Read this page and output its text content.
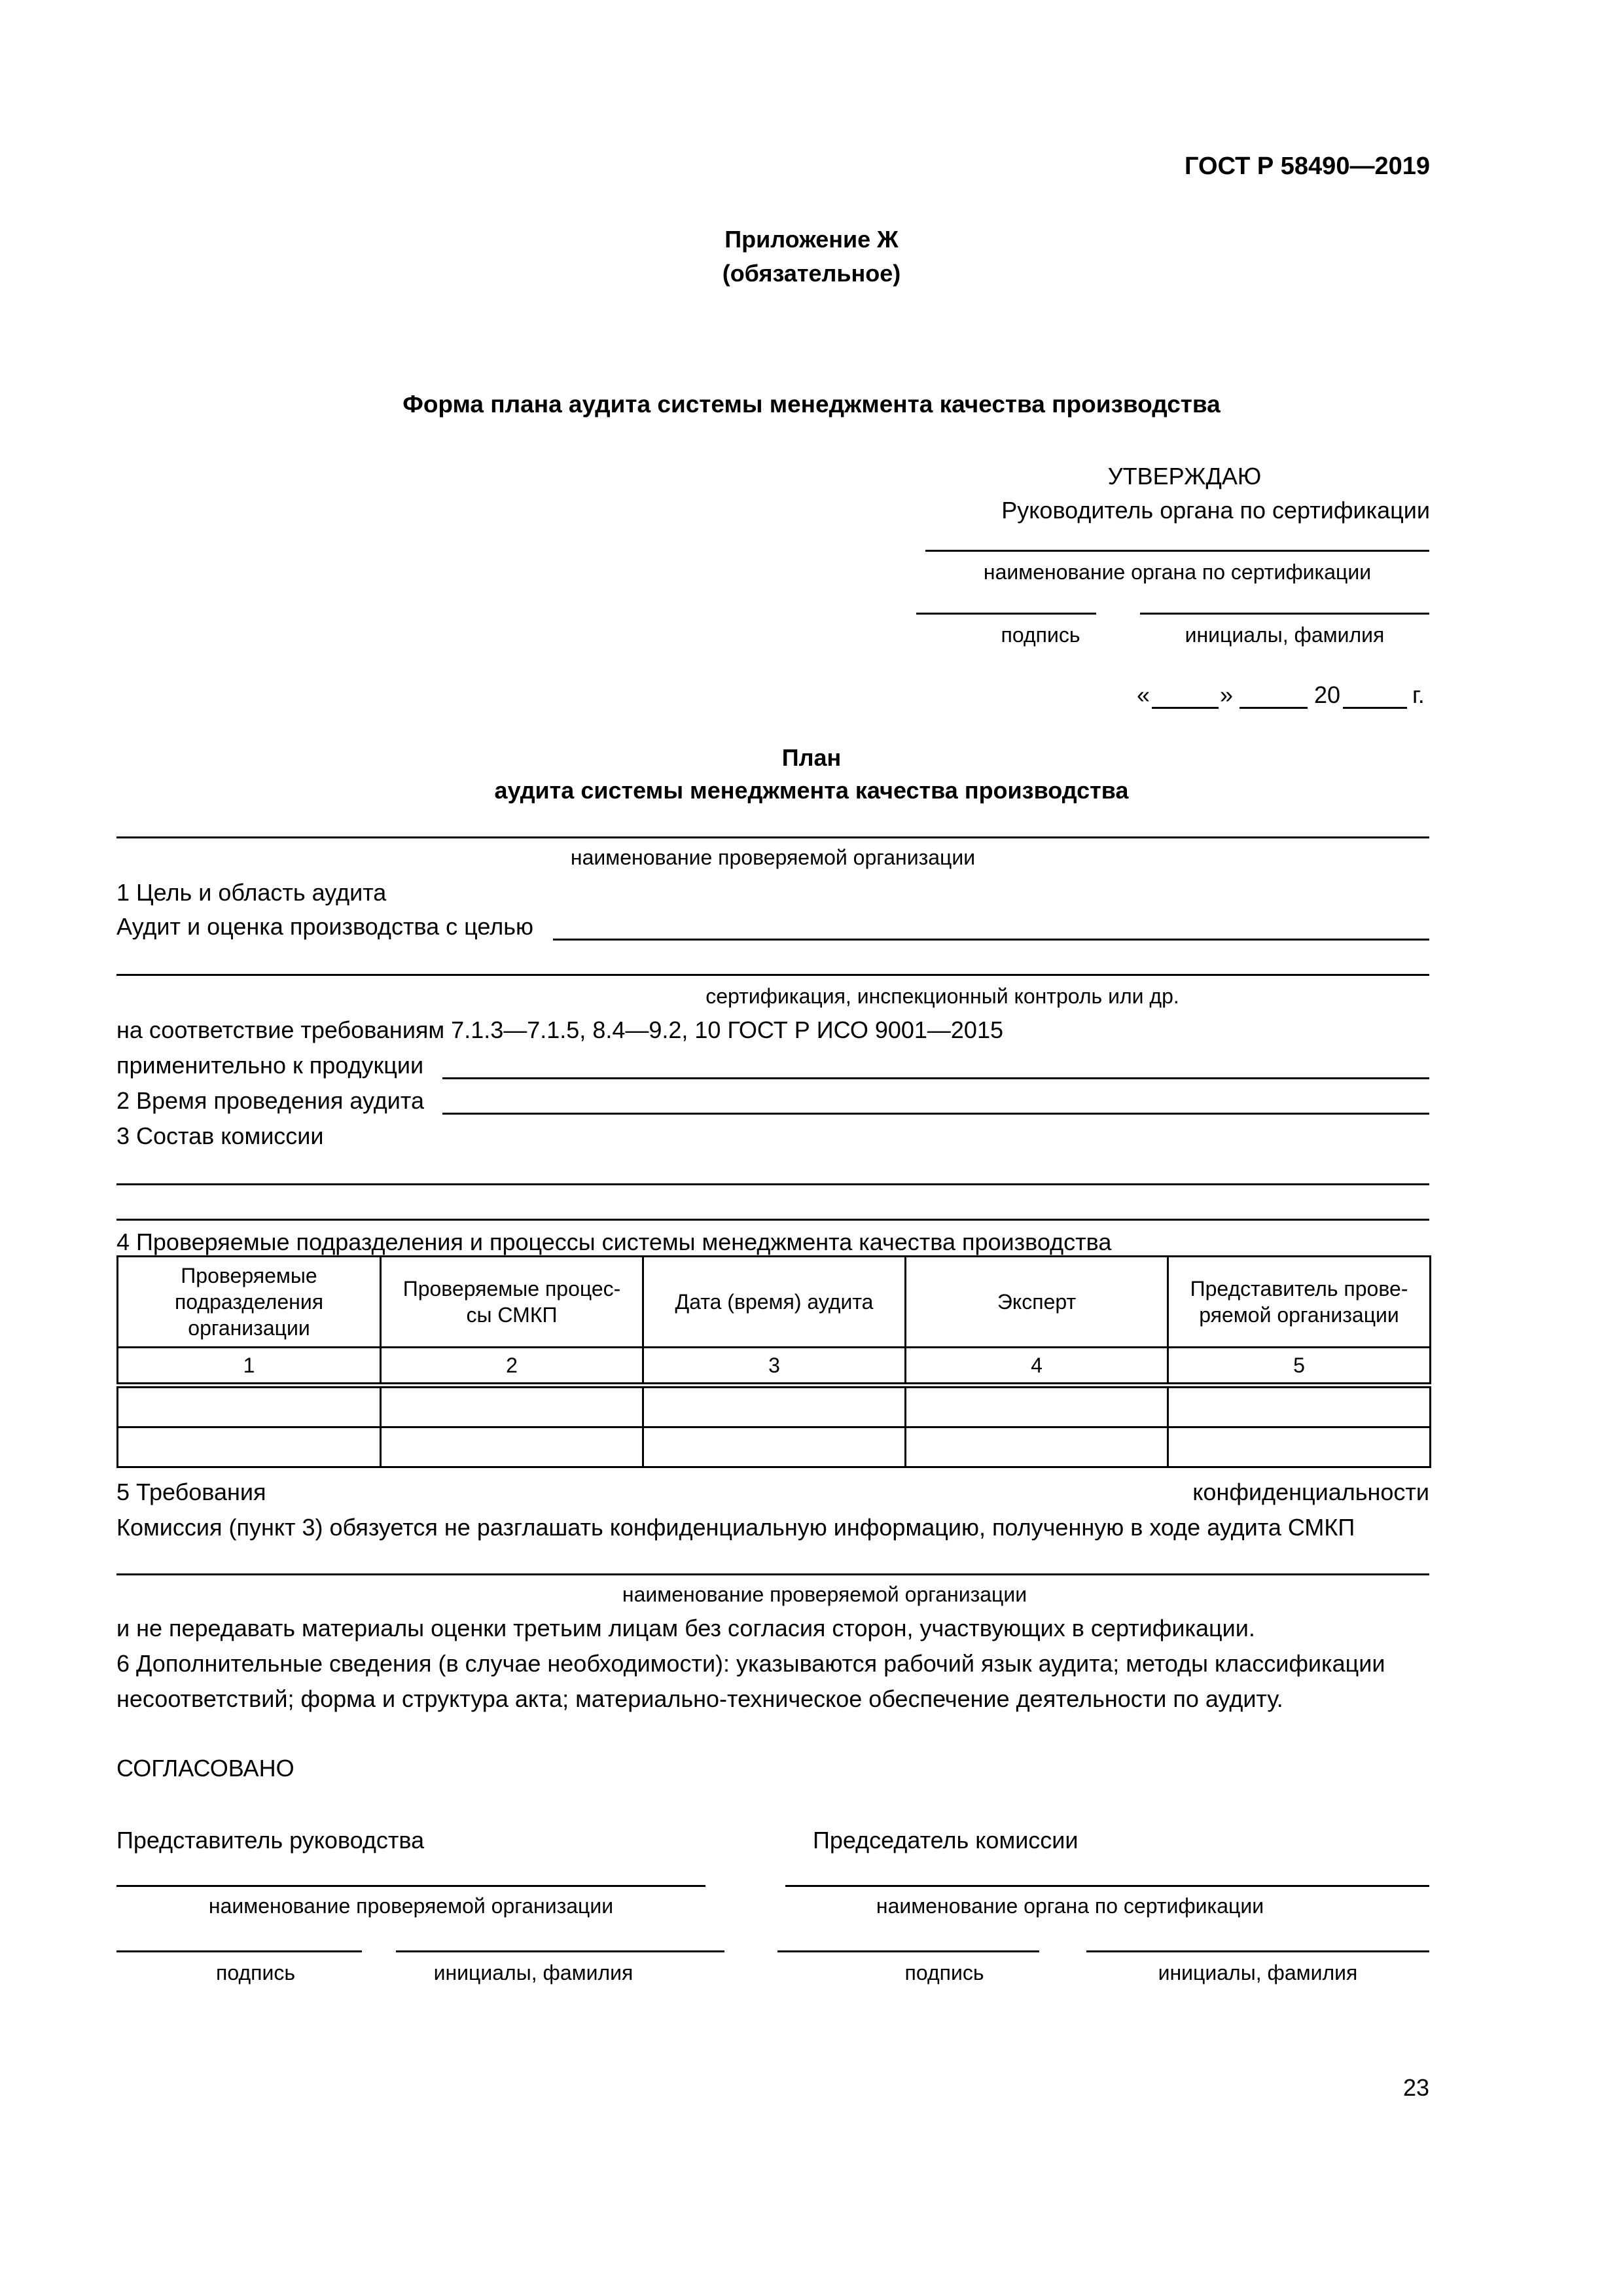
ГОСТ Р 58490—2019
Приложение Ж
(обязательное)
Форма плана аудита системы менеджмента качества производства
УТВЕРЖДАЮ
Руководитель органа по сертификации
наименование органа по сертификации
подпись	инициалы, фамилия
«	»	20	г.
План
аудита системы менеджмента качества производства
наименование проверяемой организации
1 Цель и область аудита
Аудит и оценка производства с целью
сертификация, инспекционный контроль или др.
на соответствие требованиям 7.1.3—7.1.5, 8.4—9.2, 10 ГОСТ Р ИСО 9001—2015
применительно к продукции
2 Время проведения аудита
3 Состав комиссии
4 Проверяемые подразделения и процессы системы менеджмента качества производства
Проверяемые подразделения организации	Проверяемые процес- сы СМКП	Дата (время) аудита	Эксперт	Представитель прове- ряемой организации
1	2	3	4	5

5 Требования	конфиденциальности
Комиссия (пункт 3) обязуется не разглашать конфиденциальную информацию, полученную в ходе аудита СМКП
наименование проверяемой организации
и не передавать материалы оценки третьим лицам без согласия сторон, участвующих в сертификации.
6 Дополнительные сведения (в случае необходимости): указываются рабочий язык аудита; методы классификации
несоответствий; форма и структура акта; материально-техническое обеспечение деятельности по аудиту.
СОГЛАСОВАНО
Представитель руководства
наименование проверяемой организации
подпись	инициалы, фамилия
Председатель комиссии
наименование органа по сертификации
подпись	инициалы, фамилия
23
